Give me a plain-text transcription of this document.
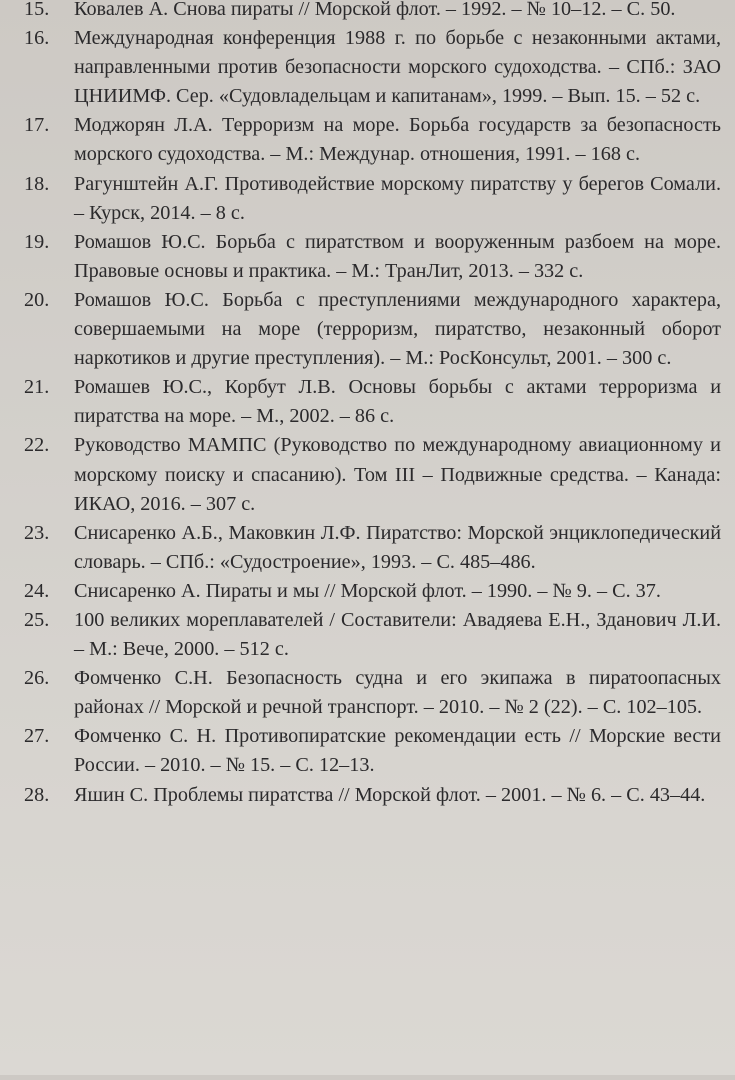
15. Ковалев А. Снова пираты // Морской флот. – 1992. – № 10–12. – С. 50.
16. Международная конференция 1988 г. по борьбе с незаконными актами, направленными против безопасности морского судоходства. – СПб.: ЗАО ЦНИИМФ. Сер. «Судовладельцам и капитанам», 1999. – Вып. 15. – 52 с.
17. Моджорян Л.А. Терроризм на море. Борьба государств за безопасность морского судоходства. – М.: Междунар. отношения, 1991. – 168 с.
18. Рагунштейн А.Г. Противодействие морскому пиратству у берегов Сомали. – Курск, 2014. – 8 с.
19. Ромашов Ю.С. Борьба с пиратством и вооруженным разбоем на море. Правовые основы и практика. – М.: ТранЛит, 2013. – 332 с.
20. Ромашов Ю.С. Борьба с преступлениями международного характера, совершаемыми на море (терроризм, пиратство, незаконный оборот наркотиков и другие преступления). – М.: РосКонсульт, 2001. – 300 с.
21. Ромашев Ю.С., Корбут Л.В. Основы борьбы с актами терроризма и пиратства на море. – М., 2002. – 86 с.
22. Руководство МАМПС (Руководство по международному авиационному и морскому поиску и спасанию). Том III – Подвижные средства. – Канада: ИКАО, 2016. – 307 с.
23. Снисаренко А.Б., Маковкин Л.Ф. Пиратство: Морской энциклопедический словарь. – СПб.: «Судостроение», 1993. – С. 485–486.
24. Снисаренко А. Пираты и мы // Морской флот. – 1990. – № 9. – С. 37.
25. 100 великих мореплавателей / Составители: Авадяева Е.Н., Зданович Л.И. – М.: Вече, 2000. – 512 с.
26. Фомченко С.Н. Безопасность судна и его экипажа в пиратоопасных районах // Морской и речной транспорт. – 2010. – № 2 (22). – С. 102–105.
27. Фомченко С. Н. Противопиратские рекомендации есть // Морские вести России. – 2010. – № 15. – С. 12–13.
28. Яшин С. Проблемы пиратства // Морской флот. – 2001. – № 6. – С. 43–44.
